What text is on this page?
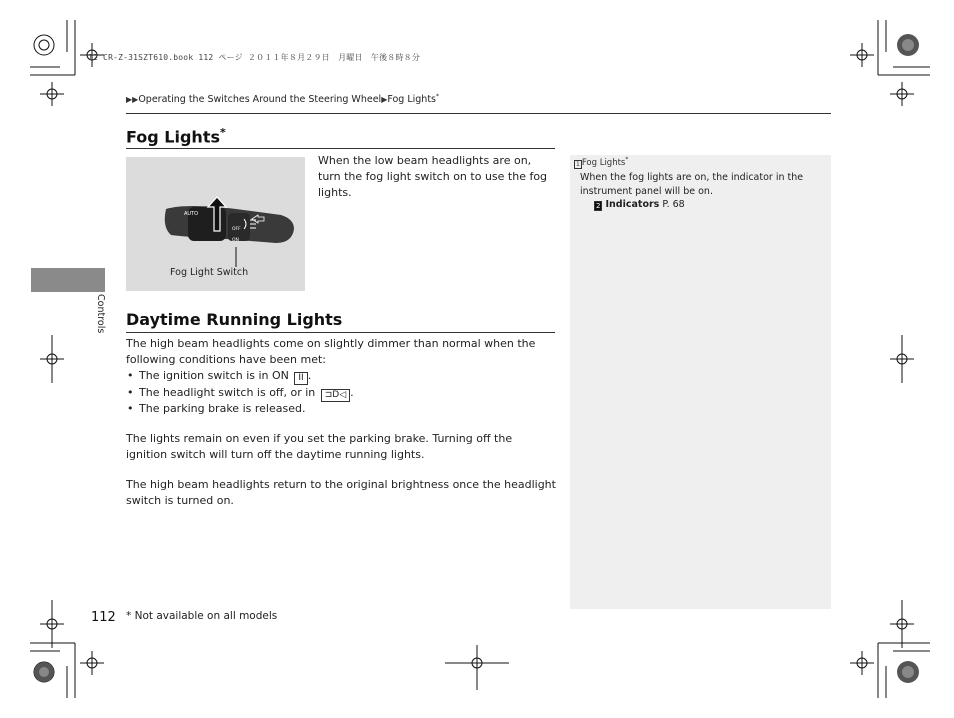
12 CR-Z-31SZT610.book 112 ページ ２０１１年８月２９日　月曜日　午後８時８分
▶▶Operating the Switches Around the Steering Wheel▶Fog Lights*
Fog Lights*
AUTO
OFF
ON
Fog Light Switch
When the low beam headlights are on, turn the fog light switch on to use the fog lights.
Daytime Running Lights
The high beam headlights come on slightly dimmer than normal when the following conditions have been met:
• The ignition switch is in ON II .
• The headlight switch is off, or in ⊐D◁ .
• The parking brake is released.
The lights remain on even if you set the parking brake. Turning off the ignition switch will turn off the daytime running lights.
The high beam headlights return to the original brightness once the headlight switch is turned on.
1 Fog Lights*
When the fog lights are on, the indicator in the instrument panel will be on.
2 Indicators P. 68
Controls
112 * Not available on all models
